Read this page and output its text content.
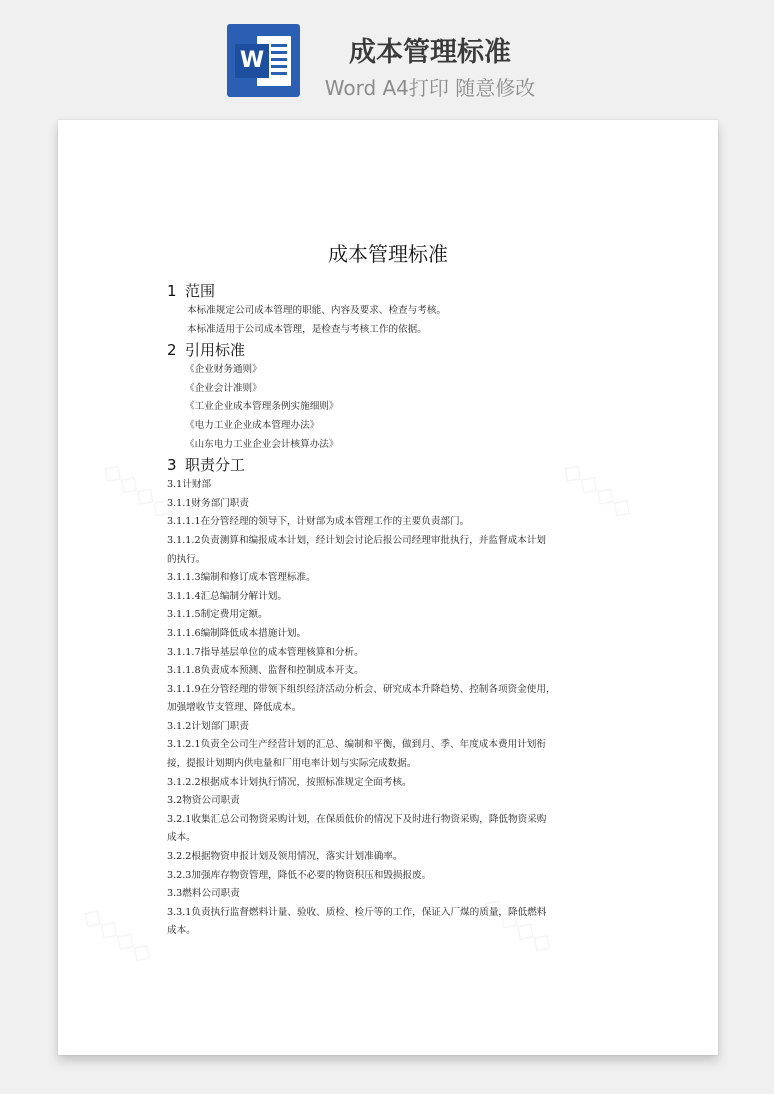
W	成本管理标准
Word A4打印 随意修改
成本管理标准
1 范围
本标准规定公司成本管理的职能、内容及要求、检查与考核。
本标准适用于公司成本管理，是检查与考核工作的依据。
2 引用标准
《企业财务通则》
《企业会计准则》
《工业企业成本管理条例实施细则》
《电力工业企业成本管理办法》
《山东电力工业企业会计核算办法》
3 职责分工
3.1计财部
3.1.1财务部门职责
3.1.1.1在分管经理的领导下，计财部为成本管理工作的主要负责部门。
3.1.1.2负责测算和编报成本计划，经计划会讨论后报公司经理审批执行，并监督成本计划
的执行。
3.1.1.3编制和修订成本管理标准。
3.1.1.4汇总编制分解计划。
3.1.1.5制定费用定额。
3.1.1.6编制降低成本措施计划。
3.1.1.7指导基层单位的成本管理核算和分析。
3.1.1.8负责成本预测、监督和控制成本开支。
3.1.1.9在分管经理的带领下组织经济活动分析会、研究成本升降趋势、控制各项资金使用，
加强增收节支管理、降低成本。
3.1.2计划部门职责
3.1.2.1负责全公司生产经营计划的汇总、编制和平衡，做到月、季、年度成本费用计划衔
接，提报计划期内供电量和厂用电率计划与实际完成数据。
3.1.2.2根据成本计划执行情况，按照标准规定全面考核。
3.2物资公司职责
3.2.1收集汇总公司物资采购计划，在保质低价的情况下及时进行物资采购，降低物资采购
成本。
3.2.2根据物资申报计划及领用情况，落实计划准确率。
3.2.3加强库存物资管理，降低不必要的物资积压和毁损报废。
3.3燃料公司职责
3.3.1负责执行监督燃料计量、验收、质检、检斤等的工作，保证入厂煤的质量，降低燃料
成本。
